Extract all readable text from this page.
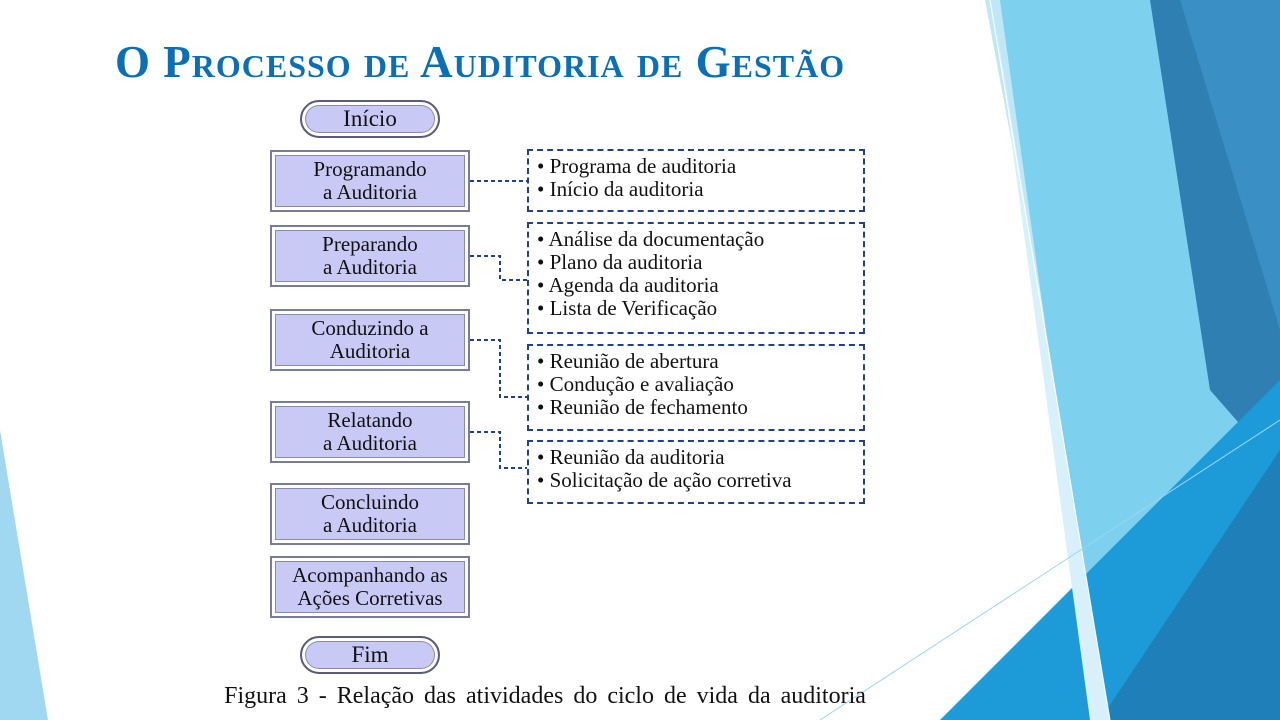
O Processo de Auditoria de Gestão
Início
Programando
a Auditoria
Preparando
a Auditoria
Conduzindo a
Auditoria
Relatando
a Auditoria
Concluindo
a Auditoria
Acompanhando as
Ações Corretivas
Fim
• Programa de auditoria
• Início da auditoria
• Análise da documentação
• Plano da auditoria
• Agenda da auditoria
• Lista de Verificação
• Reunião de abertura
• Condução e avaliação
• Reunião de fechamento
• Reunião da auditoria
• Solicitação de ação corretiva
Figura 3 - Relação das atividades do ciclo de vida da auditoria
